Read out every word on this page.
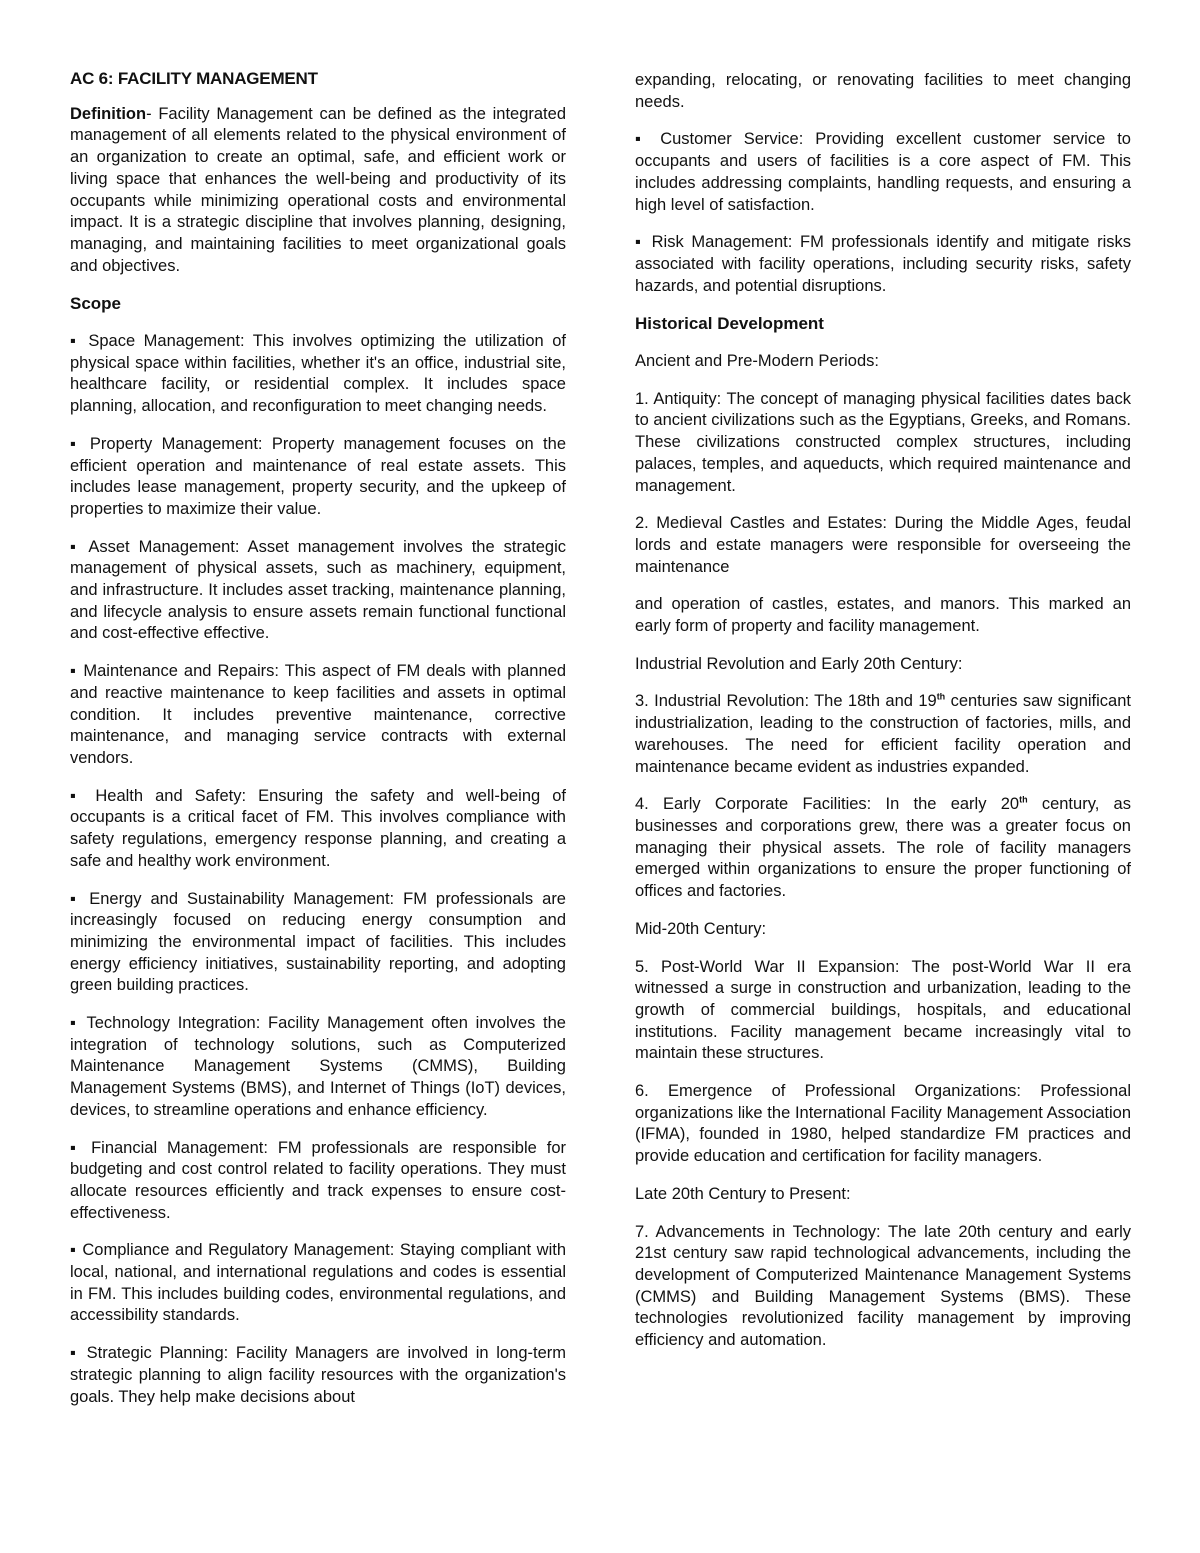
AC 6: FACILITY MANAGEMENT

Definition- Facility Management can be defined as the integrated management of all elements related to the physical environment of an organization to create an optimal, safe, and efficient work or living space that enhances the well-being and productivity of its occupants while minimizing operational costs and environmental impact. It is a strategic discipline that involves planning, designing, managing, and maintaining facilities to meet organizational goals and objectives.

Scope

▪ Space Management: This involves optimizing the utilization of physical space within facilities, whether it's an office, industrial site, healthcare facility, or residential complex. It includes space planning, allocation, and reconfiguration to meet changing needs.

▪ Property Management: Property management focuses on the efficient operation and maintenance of real estate assets. This includes lease management, property security, and the upkeep of properties to maximize their value.

▪ Asset Management: Asset management involves the strategic management of physical assets, such as machinery, equipment, and infrastructure. It includes asset tracking, maintenance planning, and lifecycle analysis to ensure assets remain functional functional and cost-effective effective.

▪ Maintenance and Repairs: This aspect of FM deals with planned and reactive maintenance to keep facilities and assets in optimal condition. It includes preventive maintenance, corrective maintenance, and managing service contracts with external vendors.

▪ Health and Safety: Ensuring the safety and well-being of occupants is a critical facet of FM. This involves compliance with safety regulations, emergency response planning, and creating a safe and healthy work environment.

▪ Energy and Sustainability Management: FM professionals are increasingly focused on reducing energy consumption and minimizing the environmental impact of facilities. This includes energy efficiency initiatives, sustainability reporting, and adopting green building practices.

▪ Technology Integration: Facility Management often involves the integration of technology solutions, such as Computerized Maintenance Management Systems (CMMS), Building Management Systems (BMS), and Internet of Things (IoT) devices, devices, to streamline operations and enhance efficiency.

▪ Financial Management: FM professionals are responsible for budgeting and cost control related to facility operations. They must allocate resources efficiently and track expenses to ensure cost-effectiveness.

▪ Compliance and Regulatory Management: Staying compliant with local, national, and international regulations and codes is essential in FM. This includes building codes, environmental regulations, and accessibility standards.

▪ Strategic Planning: Facility Managers are involved in long-term strategic planning to align facility resources with the organization's goals. They help make decisions about

expanding, relocating, or renovating facilities to meet changing needs.

▪ Customer Service: Providing excellent customer service to occupants and users of facilities is a core aspect of FM. This includes addressing complaints, handling requests, and ensuring a high level of satisfaction.

▪ Risk Management: FM professionals identify and mitigate risks associated with facility operations, including security risks, safety hazards, and potential disruptions.

Historical Development

Ancient and Pre-Modern Periods:

1. Antiquity: The concept of managing physical facilities dates back to ancient civilizations such as the Egyptians, Greeks, and Romans. These civilizations constructed complex structures, including palaces, temples, and aqueducts, which required maintenance and management.

2. Medieval Castles and Estates: During the Middle Ages, feudal lords and estate managers were responsible for overseeing the maintenance

and operation of castles, estates, and manors. This marked an early form of property and facility management.

Industrial Revolution and Early 20th Century:

3. Industrial Revolution: The 18th and 19th centuries saw significant industrialization, leading to the construction of factories, mills, and warehouses. The need for efficient facility operation and maintenance became evident as industries expanded.

4. Early Corporate Facilities: In the early 20th century, as businesses and corporations grew, there was a greater focus on managing their physical assets. The role of facility managers emerged within organizations to ensure the proper functioning of offices and factories.

Mid-20th Century:

5. Post-World War II Expansion: The post-World War II era witnessed a surge in construction and urbanization, leading to the growth of commercial buildings, hospitals, and educational institutions. Facility management became increasingly vital to maintain these structures.

6. Emergence of Professional Organizations: Professional organizations like the International Facility Management Association (IFMA), founded in 1980, helped standardize FM practices and provide education and certification for facility managers.

Late 20th Century to Present:

7. Advancements in Technology: The late 20th century and early 21st century saw rapid technological advancements, including the development of Computerized Maintenance Management Systems (CMMS) and Building Management Systems (BMS). These technologies revolutionized facility management by improving efficiency and automation.
